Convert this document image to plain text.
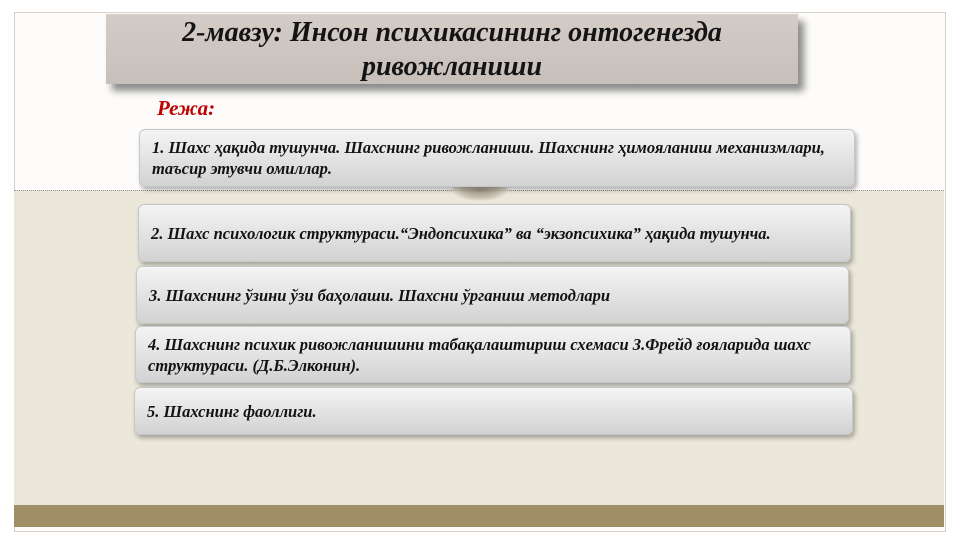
2-мавзу: Инсон психикасининг онтогенезда ривожланиши
Режа:
1. Шахс ҳақида тушунча. Шахснинг ривожланиши. Шахснинг ҳимояланиш механизмлари, таъсир этувчи омиллар.
2. Шахс психологик структураси.“Эндопсихика” ва “экзопсихика” ҳақида тушунча.
3. Шахснинг ўзини ўзи баҳолаши. Шахсни ўрганиш методлари
4. Шахснинг психик ривожланишини табақалаштириш схемаси З.Фрейд ғояларида шахс структураси. (Д.Б.Элконин).
5. Шахснинг фаоллиги.
